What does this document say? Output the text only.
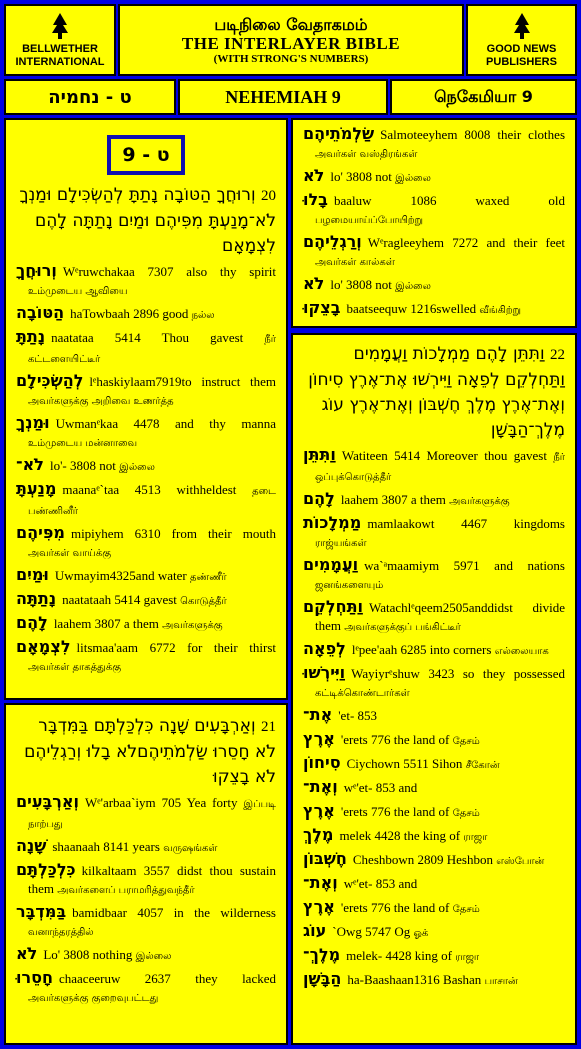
BELLWETHER
INTERNATIONAL
படிநிலை வேதாகமம்
THE INTERLAYER BIBLE
(WITH STRONG'S NUMBERS)
GOOD NEWS
PUBLISHERS
ט - נחמיה	NEHEMIAH 9	நெகேமியா 9
ט - 9
20 וְרוּחֲךָ הַטּוֹבָה נָתַתָּ לְהַשְׂכִּילָם וּמַנְךָ לֹא־מָנַעְתָּ מִפִּיהֶם וּמַיִם נָתַתָּה לָהֶם לִצְמָאָם
וְרוּחֲךָ Wᵉruwchakaa 7307 also thy spirit உம்முடைய ஆவியை
הַטּוֹבָה haTowbaah 2896 good நல்ல
נָתַתָּ naatataa 5414 Thou gavest நீர் கட்டளையிட்டீர்
לְהַשְׂכִּילָם lᵉhaskiylaam7919to instruct them அவர்களுக்கு அறிவை உணர்த்த
וּמַנְךָ Uwmanᵉkaa 4478 and thy manna உம்முடைய மன்னாவை
לֹא־ lo'- 3808 not இல்லை
מָנַעְתָּ maanaᵉ`taa 4513 withheldest தடை பண்ணினீர்
מִפִּיהֶם mipiyhem 6310 from their mouth அவர்கள் வாய்க்கு
וּמַיִם Uwmayim4325and water தண்ணீர்
נָתַתָּה naatataah 5414 gavest கொடுத்தீர்
לָהֶם laahem 3807 a them அவர்களுக்கு
לִצְמָאָם litsmaa'aam 6772 for their thirst அவர்கள் தாகத்துக்கு
21 וְאַרְבָּעִים שָׁנָה כִּלְכַּלְתָּם בַּמִּדְבָּר לֹא חָסֵרוּ שַׂלְמֹתֵיהֶםלֹא בָלוּ וְרַגְלֵיהֶם לֹא בָצֵקוּ
וְאַרְבָּעִים Wᵉ'arbaa`iym 705 Yea forty இப்படி நாற்பது
שָׁנָה shaanaah 8141 years வருஷங்கள்
כִּלְכַּלְתָּם kilkaltaam 3557 didst thou sustain them அவர்களைப் பராமரித்துவந்தீர்
בַּמִּדְבָּר bamidbaar 4057 in the wilderness வனாந்தரத்தில்
לֹא Lo' 3808 nothing இல்லை
חָסֵרוּ chaaceeruw 2637 they lacked அவர்களுக்கு குறைவுபட்டது
שַׂלְמֹתֵיהֶם Salmoteeyhem 8008 their clothes அவர்கள் வஸ்திரங்கள்
לֹא lo' 3808 not இல்லை
בָלוּ baaluw 1086 waxed old பழமையாய்ப்போயிற்று
וְרַגְלֵיהֶם Wᵉragleeyhem 7272 and their feet அவர்கள் கால்கள்
לֹא lo' 3808 not இல்லை
בָצֵקוּ baatseequw 1216swelled வீங்கிற்று
22 וַתִּתֵּן לָהֶם מַמְלָכוֹת וַעֲמָמִים וַתַּחְלְקֵם לְפֵאָה וַיִּירְשׁוּ אֶת־אֶרֶץ סִיחוֹן וְאֶת־אֶרֶץ מֶלֶךְ חֶשְׁבּוֹן וְאֶת־אֶרֶץ עוֹג מֶלֶךְ־הַבָּשָׁן
וַתִּתֵּן Watiteen 5414 Moreover thou gavest நீர் ஒப்புக்கொடுத்தீர்
לָהֶם laahem 3807 a them அவர்களுக்கு
מַמְלָכוֹת mamlaakowt 4467 kingdoms ராஜ்யங்கள்
וַעֲמָמִים wa`ᵃmaamiym 5971 and nations ஜனங்களையும்
וַתַּחְלְקֵם Watachlᵉqeem2505anddidst divide them அவர்களுக்குப் பங்கிட்டீர்
לְפֵאָה lᵉpee'aah 6285 into corners எல்லையாக
וַיִּירְשׁוּ Wayiyrᵉshuw 3423 so they possessed கட்டிக்கொண்டார்கள்
אֶת־ 'et- 853
אֶרֶץ 'erets 776 the land of தேசம்
סִיחוֹן Ciychown 5511 Sihon சீகோன்
וְאֶת־ wᵉ'et- 853 and
אֶרֶץ 'erets 776 the land of தேசம்
מֶלֶךְ melek 4428 the king of ராஜா
חֶשְׁבּוֹן Cheshbown 2809 Heshbon எஸ்போன்
וְאֶת־ wᵉ'et- 853 and
אֶרֶץ 'erets 776 the land of தேசம்
עוֹג `Owg 5747 Og ஓக்
מֶלֶךְ־ melek- 4428 king of ராஜா
הַבָּשָׁן ha-Baashaan1316 Bashan பாசான்
